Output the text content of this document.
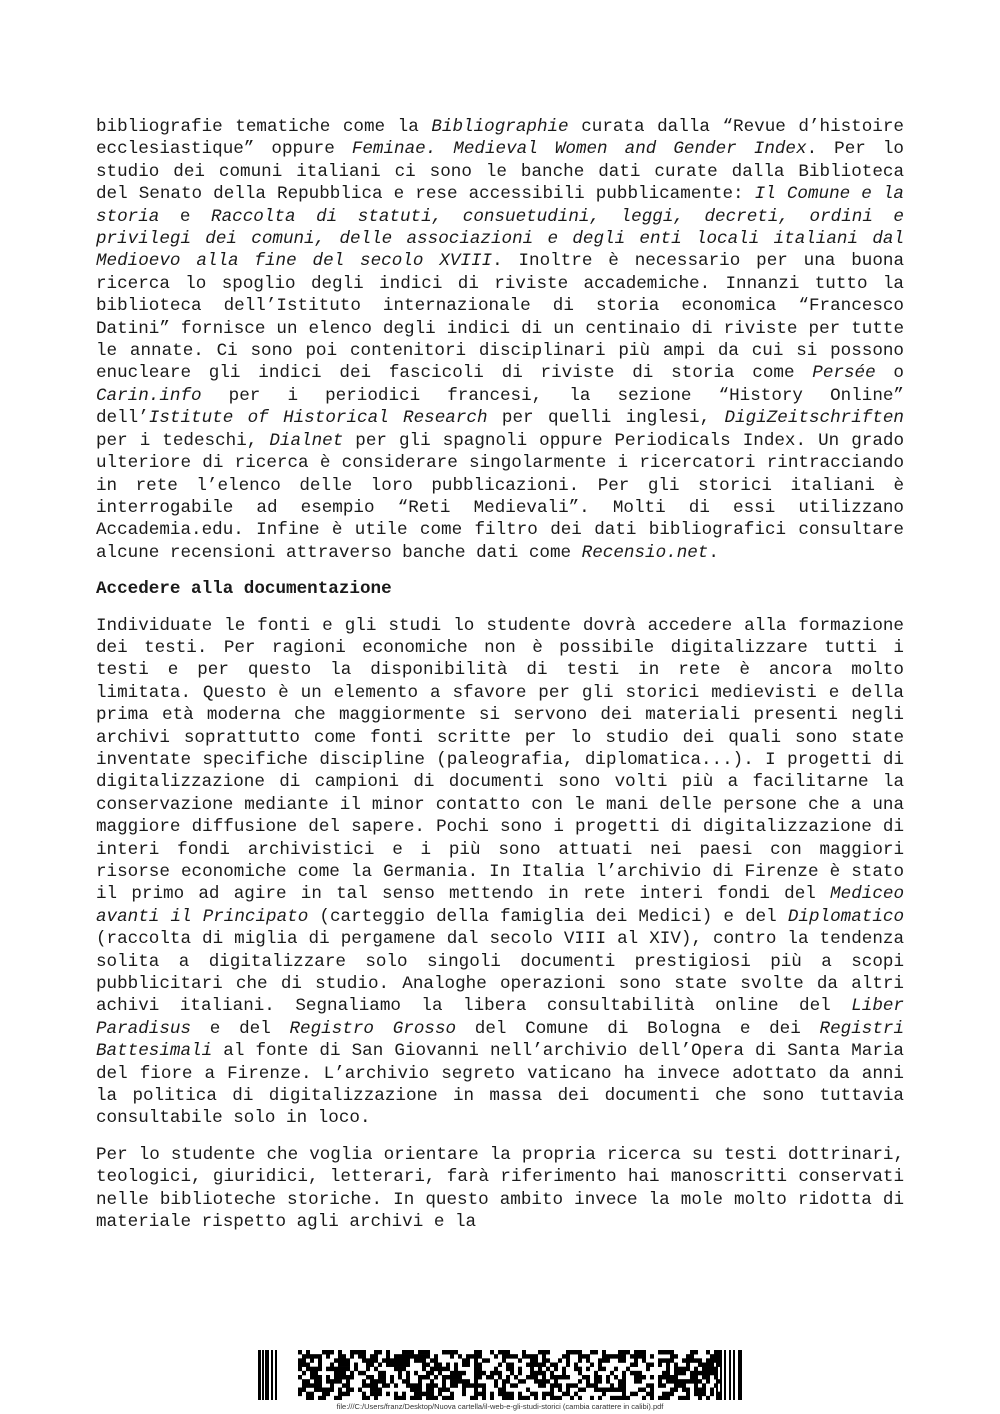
bibliografie tematiche come la Bibliographie curata dalla “Revue d’histoire ecclesiastique” oppure Feminae. Medieval Women and Gender Index. Per lo studio dei comuni italiani ci sono le banche dati curate dalla Biblioteca del Senato della Repubblica e rese accessibili pubblicamente: Il Comune e la storia e Raccolta di statuti, consuetudini, leggi, decreti, ordini e privilegi dei comuni, delle associazioni e degli enti locali italiani dal Medioevo alla fine del secolo XVIII. Inoltre è necessario per una buona ricerca lo spoglio degli indici di riviste accademiche. Innanzi tutto la biblioteca dell’Istituto internazionale di storia economica “Francesco Datini” fornisce un elenco degli indici di un centinaio di riviste per tutte le annate. Ci sono poi contenitori disciplinari più ampi da cui si possono enucleare gli indici dei fascicoli di riviste di storia come Persée o Carin.info per i periodici francesi, la sezione “History Online” dell’Istitute of Historical Research per quelli inglesi, DigiZeitschriften per i tedeschi, Dialnet per gli spagnoli oppure Periodicals Index. Un grado ulteriore di ricerca è considerare singolarmente i ricercatori rintracciando in rete l’elenco delle loro pubblicazioni. Per gli storici italiani è interrogabile ad esempio “Reti Medievali”. Molti di essi utilizzano Accademia.edu. Infine è utile come filtro dei dati bibliografici consultare alcune recensioni attraverso banche dati come Recensio.net.

Accedere alla documentazione

Individuate le fonti e gli studi lo studente dovrà accedere alla formazione dei testi. Per ragioni economiche non è possibile digitalizzare tutti i testi e per questo la disponibilità di testi in rete è ancora molto limitata. Questo è un elemento a sfavore per gli storici medievisti e della prima età moderna che maggiormente si servono dei materiali presenti negli archivi soprattutto come fonti scritte per lo studio dei quali sono state inventate specifiche discipline (paleografia, diplomatica...). I progetti di digitalizzazione di campioni di documenti sono volti più a facilitarne la conservazione mediante il minor contatto con le mani delle persone che a una maggiore diffusione del sapere. Pochi sono i progetti di digitalizzazione di interi fondi archivistici e i più sono attuati nei paesi con maggiori risorse economiche come la Germania. In Italia l’archivio di Firenze è stato il primo ad agire in tal senso mettendo in rete interi fondi del Mediceo avanti il Principato (carteggio della famiglia dei Medici) e del Diplomatico (raccolta di miglia di pergamene dal secolo VIII al XIV), contro la tendenza solita a digitalizzare solo singoli documenti prestigiosi più a scopi pubblicitari che di studio. Analoghe operazioni sono state svolte da altri achivi italiani. Segnaliamo la libera consultabilità online del Liber Paradisus e del Registro Grosso del Comune di Bologna e dei Registri Battesimali al fonte di San Giovanni nell’archivio dell’Opera di Santa Maria del fiore a Firenze. L’archivio segreto vaticano ha invece adottato da anni la politica di digitalizzazione in massa dei documenti che sono tuttavia consultabile solo in loco.

Per lo studente che voglia orientare la propria ricerca su testi dottrinari, teologici, giuridici, letterari, farà riferimento hai manoscritti conservati nelle biblioteche storiche. In questo ambito invece la mole molto ridotta di materiale rispetto agli archivi e la

file:///C:/Users/franz/Desktop/Nuova cartella/il-web-e-gli-studi-storici (cambia carattere in calibi).pdf
